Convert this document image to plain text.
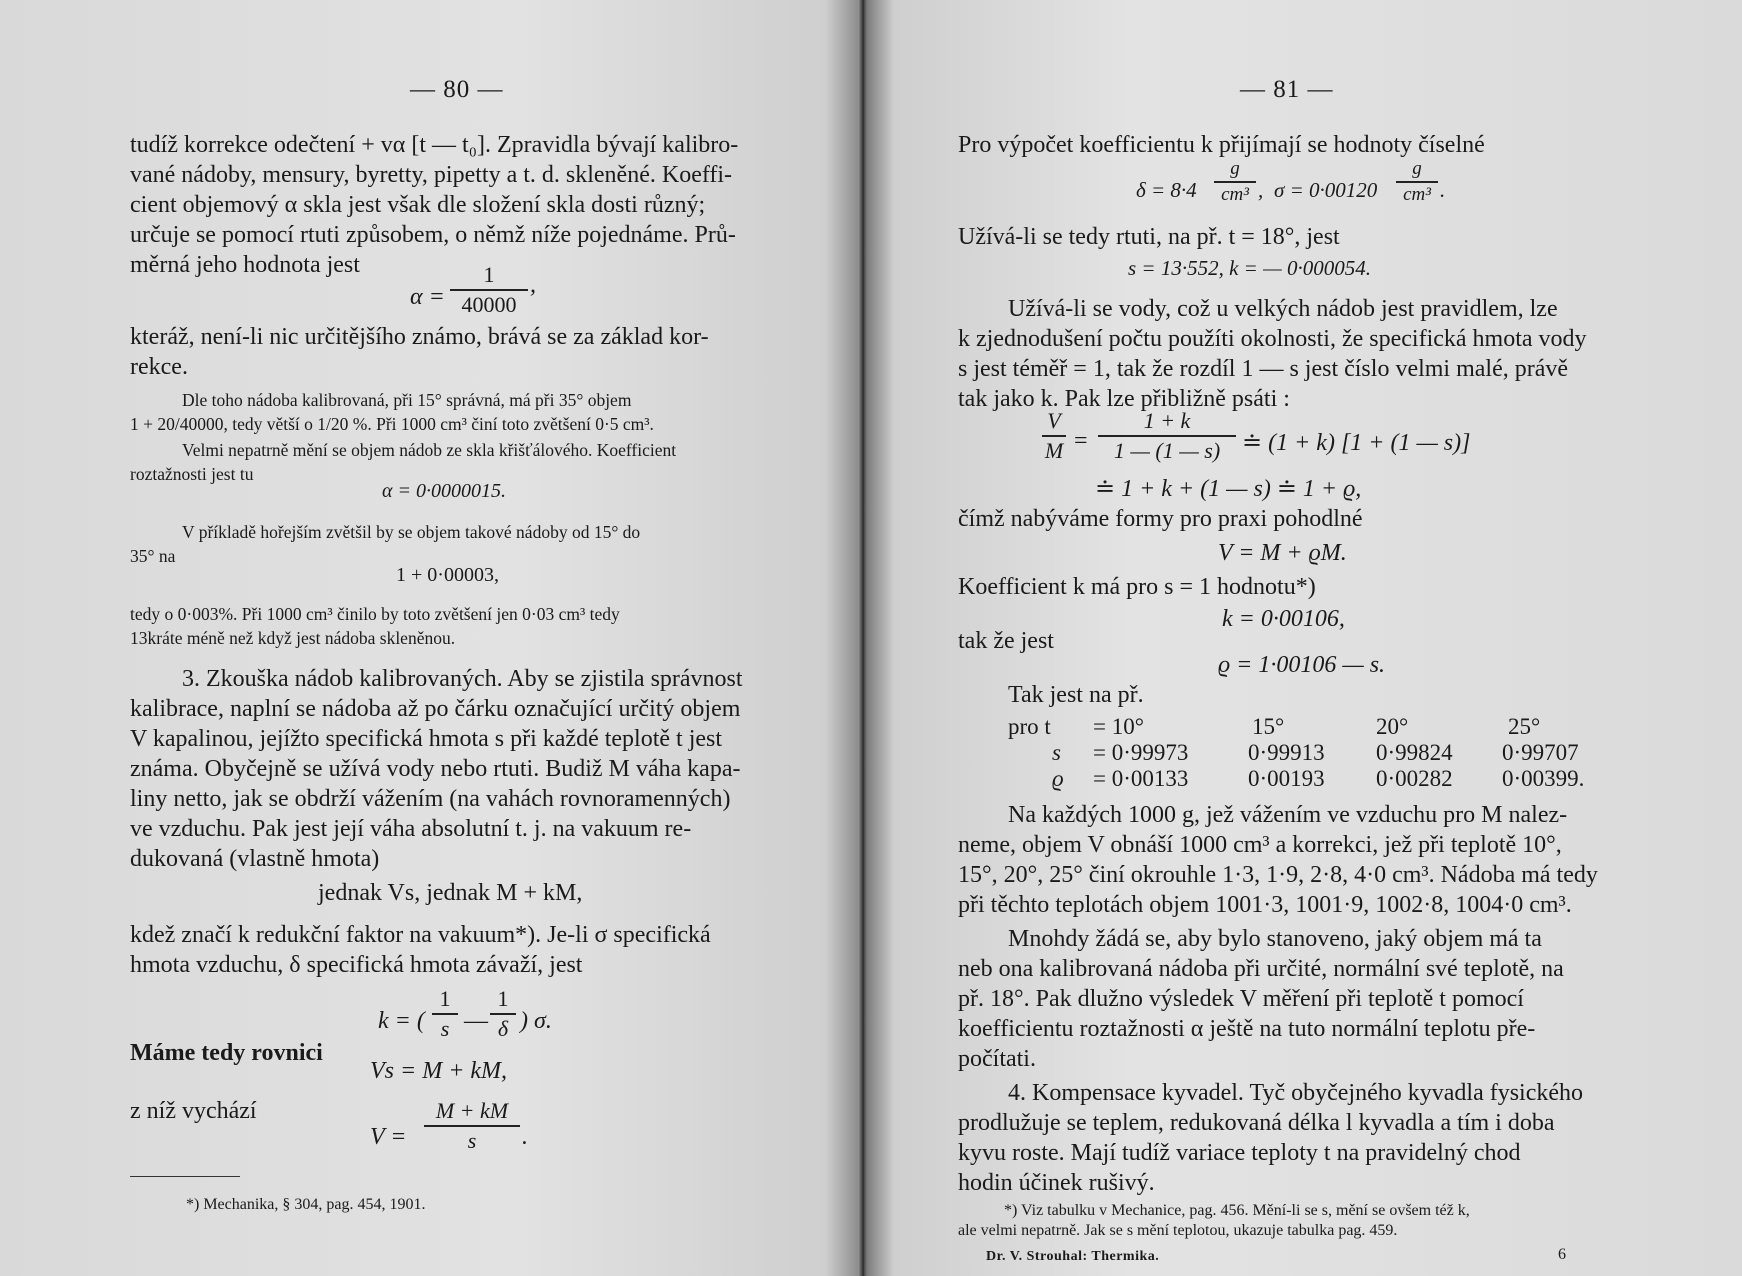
— 80 —
tudíž korrekce odečtení + vα [t — t₀]. Zpravidla bývají kalibro-
vané nádoby, mensury, byretty, pipetty a t. d. skleněné. Koeffi-
cient objemový α skla jest však dle složení skla dosti různý;
určuje se pomocí rtuti způsobem, o němž níže pojednáme. Prů-
měrná jeho hodnota jest
α =
1
40000
,
kteráž, není-li nic určitějšího známo, brává se za základ kor-
rekce.
Dle toho nádoba kalibrovaná, při 15° správná, má při 35° objem
1 + 20/40000, tedy větší o 1/20 %. Při 1000 cm³ činí toto zvětšení 0·5 cm³.
Velmi nepatrně mění se objem nádob ze skla křišťálového. Koefficient
roztažnosti jest tu
α = 0·0000015.
V příkladě hořejším zvětšil by se objem takové nádoby od 15° do
35° na
1 + 0·00003,
tedy o 0·003%. Při 1000 cm³ činilo by toto zvětšení jen 0·03 cm³ tedy
13kráte méně než když jest nádoba skleněnou.
3. Zkouška nádob kalibrovaných. Aby se zjistila správnost
kalibrace, naplní se nádoba až po čárku označující určitý objem
V kapalinou, jejížto specifická hmota s při každé teplotě t jest
známa. Obyčejně se užívá vody nebo rtuti. Budiž M váha kapa-
liny netto, jak se obdrží vážením (na vahách rovnoramenných)
ve vzduchu. Pak jest její váha absolutní t. j. na vakuum re-
dukovaná (vlastně hmota)
jednak Vs, jednak M + kM,
kdež značí k redukční faktor na vakuum*). Je-li σ specifická
hmota vzduchu, δ specifická hmota závaží, jest
k = (
1
s —
1
δ ) σ.
Máme tedy rovnici
Vs = M + kM,
z níž vychází
V =
M + kM
s	.
*) Mechanika, § 304, pag. 454, 1901.
— 81 —
Pro výpočet koefficientu k přijímají se hodnoty číselné
δ = 8·4
g
cm³ , σ = 0·00120
g
cm³ .
Užívá-li se tedy rtuti, na př. t = 18°, jest
s = 13·552, k = — 0·000054.
Užívá-li se vody, což u velkých nádob jest pravidlem, lze
k zjednodušení počtu použíti okolnosti, že specifická hmota vody
s jest téměř = 1, tak že rozdíl 1 — s jest číslo velmi malé, právě
tak jako k. Pak lze přibližně psáti :
V
M =
1 + k
1 — (1 — s) ≐ (1 + k) [1 + (1 — s)]
≐ 1 + k + (1 — s) ≐ 1 + ϱ,
čímž nabýváme formy pro praxi pohodlné
V = M + ϱM.
Koefficient k má pro s = 1 hodnotu*)
k = 0·00106,
tak že jest
ϱ = 1·00106 — s.
Tak jest na př.
pro t = 10°	15°	20°	25°
s = 0·99973	0·99913 0·99824 0·99707
ϱ = 0·00133	0·00193 0·00282 0·00399.
Na každých 1000 g, jež vážením ve vzduchu pro M nalez-
neme, objem V obnáší 1000 cm³ a korrekci, jež při teplotě 10°,
15°, 20°, 25° činí okrouhle 1·3, 1·9, 2·8, 4·0 cm³. Nádoba má tedy
při těchto teplotách objem 1001·3, 1001·9, 1002·8, 1004·0 cm³.
Mnohdy žádá se, aby bylo stanoveno, jaký objem má ta
neb ona kalibrovaná nádoba při určité, normální své teplotě, na
př. 18°. Pak dlužno výsledek V měření při teplotě t pomocí
koefficientu roztažnosti α ještě na tuto normální teplotu pře-
počítati.
4. Kompensace kyvadel. Tyč obyčejného kyvadla fysického
prodlužuje se teplem, redukovaná délka l kyvadla a tím i doba
kyvu roste. Mají tudíž variace teploty t na pravidelný chod
hodin účinek rušivý.
*) Viz tabulku v Mechanice, pag. 456. Mění-li se s, mění se ovšem též k,
ale velmi nepatrně. Jak se s mění teplotou, ukazuje tabulka pag. 459.
Dr. V. Strouhal: Thermika.	6
